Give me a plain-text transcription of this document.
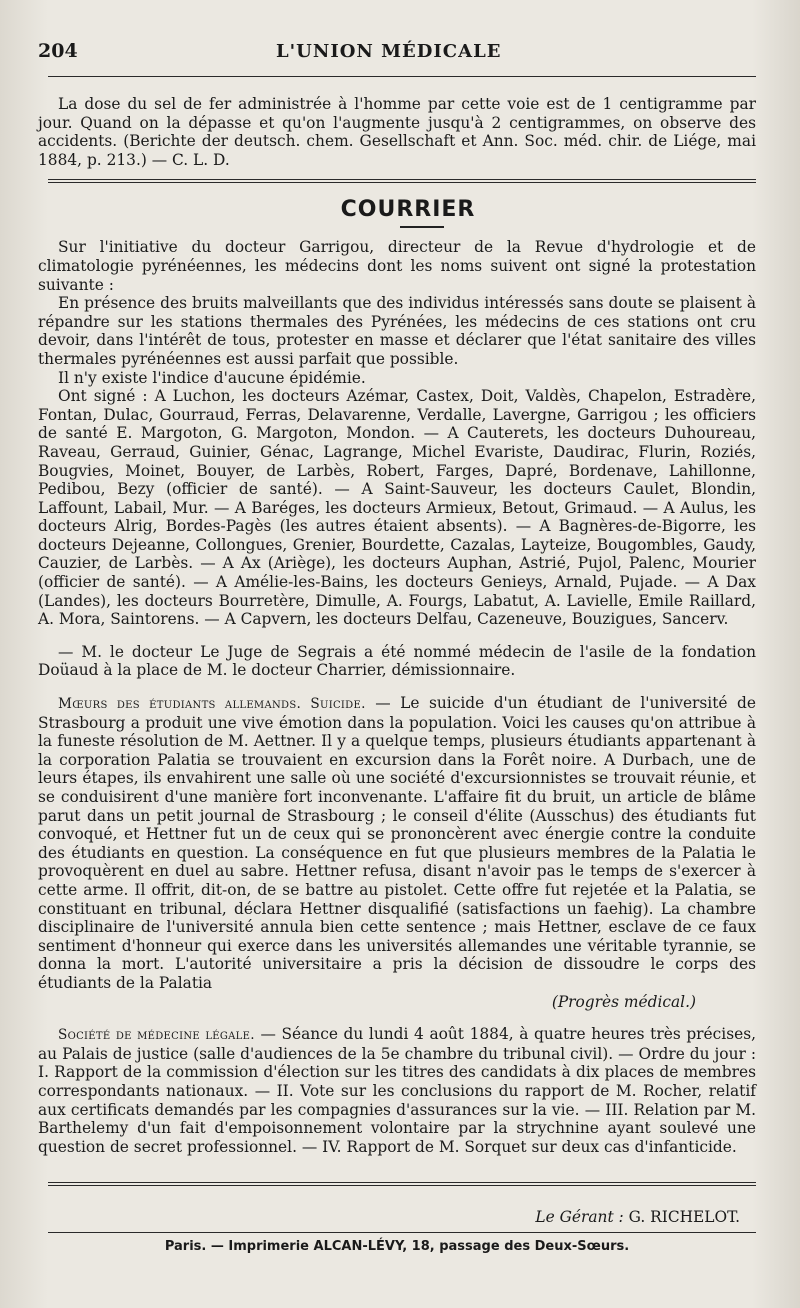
204	L'UNION MÉDICALE

La dose du sel de fer administrée à l'homme par cette voie est de 1 centigramme par jour. Quand on la dépasse et qu'on l'augmente jusqu'à 2 centigrammes, on observe des accidents. (Berichte der deutsch. chem. Gesellschaft et Ann. Soc. méd. chir. de Liége, mai 1884, p. 213.) — C. L. D.

COURRIER

Sur l'initiative du docteur Garrigou, directeur de la Revue d'hydrologie et de climatologie pyrénéennes, les médecins dont les noms suivent ont signé la protestation suivante :

En présence des bruits malveillants que des individus intéressés sans doute se plaisent à répandre sur les stations thermales des Pyrénées, les médecins de ces stations ont cru devoir, dans l'intérêt de tous, protester en masse et déclarer que l'état sanitaire des villes thermales pyrénéennes est aussi parfait que possible.

Il n'y existe l'indice d'aucune épidémie.

Ont signé : A Luchon, les docteurs Azémar, Castex, Doit, Valdès, Chapelon, Estradère, Fontan, Dulac, Gourraud, Ferras, Delavarenne, Verdalle, Lavergne, Garrigou ; les officiers de santé E. Margoton, G. Margoton, Mondon. — A Cauterets, les docteurs Duhoureau, Raveau, Gerraud, Guinier, Génac, Lagrange, Michel Evariste, Daudirac, Flurin, Roziés, Bougvies, Moinet, Bouyer, de Larbès, Robert, Farges, Dapré, Bordenave, Lahillonne, Pedibou, Bezy (officier de santé). — A Saint-Sauveur, les docteurs Caulet, Blondin, Laffount, Labail, Mur. — A Baréges, les docteurs Armieux, Betout, Grimaud. — A Aulus, les docteurs Alrig, Bordes-Pagès (les autres étaient absents). — A Bagnères-de-Bigorre, les docteurs Dejeanne, Collongues, Grenier, Bourdette, Cazalas, Layteize, Bougombles, Gaudy, Cauzier, de Larbès. — A Ax (Ariège), les docteurs Auphan, Astrié, Pujol, Palenc, Mourier (officier de santé). — A Amélie-les-Bains, les docteurs Genieys, Arnald, Pujade. — A Dax (Landes), les docteurs Bourretère, Dimulle, A. Fourgs, Labatut, A. Lavielle, Emile Raillard, A. Mora, Saintorens. — A Capvern, les docteurs Delfau, Cazeneuve, Bouzigues, Sancerv.

— M. le docteur Le Juge de Segrais a été nommé médecin de l'asile de la fondation Doüaud à la place de M. le docteur Charrier, démissionnaire.

Mœurs des étudiants allemands. Suicide. — Le suicide d'un étudiant de l'université de Strasbourg a produit une vive émotion dans la population. Voici les causes qu'on attribue à la funeste résolution de M. Aettner. Il y a quelque temps, plusieurs étudiants appartenant à la corporation Palatia se trouvaient en excursion dans la Forêt noire. A Durbach, une de leurs étapes, ils envahirent une salle où une société d'excursionnistes se trouvait réunie, et se conduisirent d'une manière fort inconvenante. L'affaire fit du bruit, un article de blâme parut dans un petit journal de Strasbourg ; le conseil d'élite (Ausschus) des étudiants fut convoqué, et Hettner fut un de ceux qui se prononcèrent avec énergie contre la conduite des étudiants en question. La conséquence en fut que plusieurs membres de la Palatia le provoquèrent en duel au sabre. Hettner refusa, disant n'avoir pas le temps de s'exercer à cette arme. Il offrit, dit-on, de se battre au pistolet. Cette offre fut rejetée et la Palatia, se constituant en tribunal, déclara Hettner disqualifié (satisfactions un faehig). La chambre disciplinaire de l'université annula bien cette sentence ; mais Hettner, esclave de ce faux sentiment d'honneur qui exerce dans les universités allemandes une véritable tyrannie, se donna la mort. L'autorité universitaire a pris la décision de dissoudre le corps des étudiants de la Palatia

(Progrès médical.)

Société de médecine légale. — Séance du lundi 4 août 1884, à quatre heures très précises, au Palais de justice (salle d'audiences de la 5e chambre du tribunal civil). — Ordre du jour : I. Rapport de la commission d'élection sur les titres des candidats à dix places de membres correspondants nationaux. — II. Vote sur les conclusions du rapport de M. Rocher, relatif aux certificats demandés par les compagnies d'assurances sur la vie. — III. Relation par M. Barthelemy d'un fait d'empoisonnement volontaire par la strychnine ayant soulevé une question de secret professionnel. — IV. Rapport de M. Sorquet sur deux cas d'infanticide.

Le Gérant : G. RICHELOT.
Paris. — Imprimerie ALCAN-LÉVY, 18, passage des Deux-Sœurs.
